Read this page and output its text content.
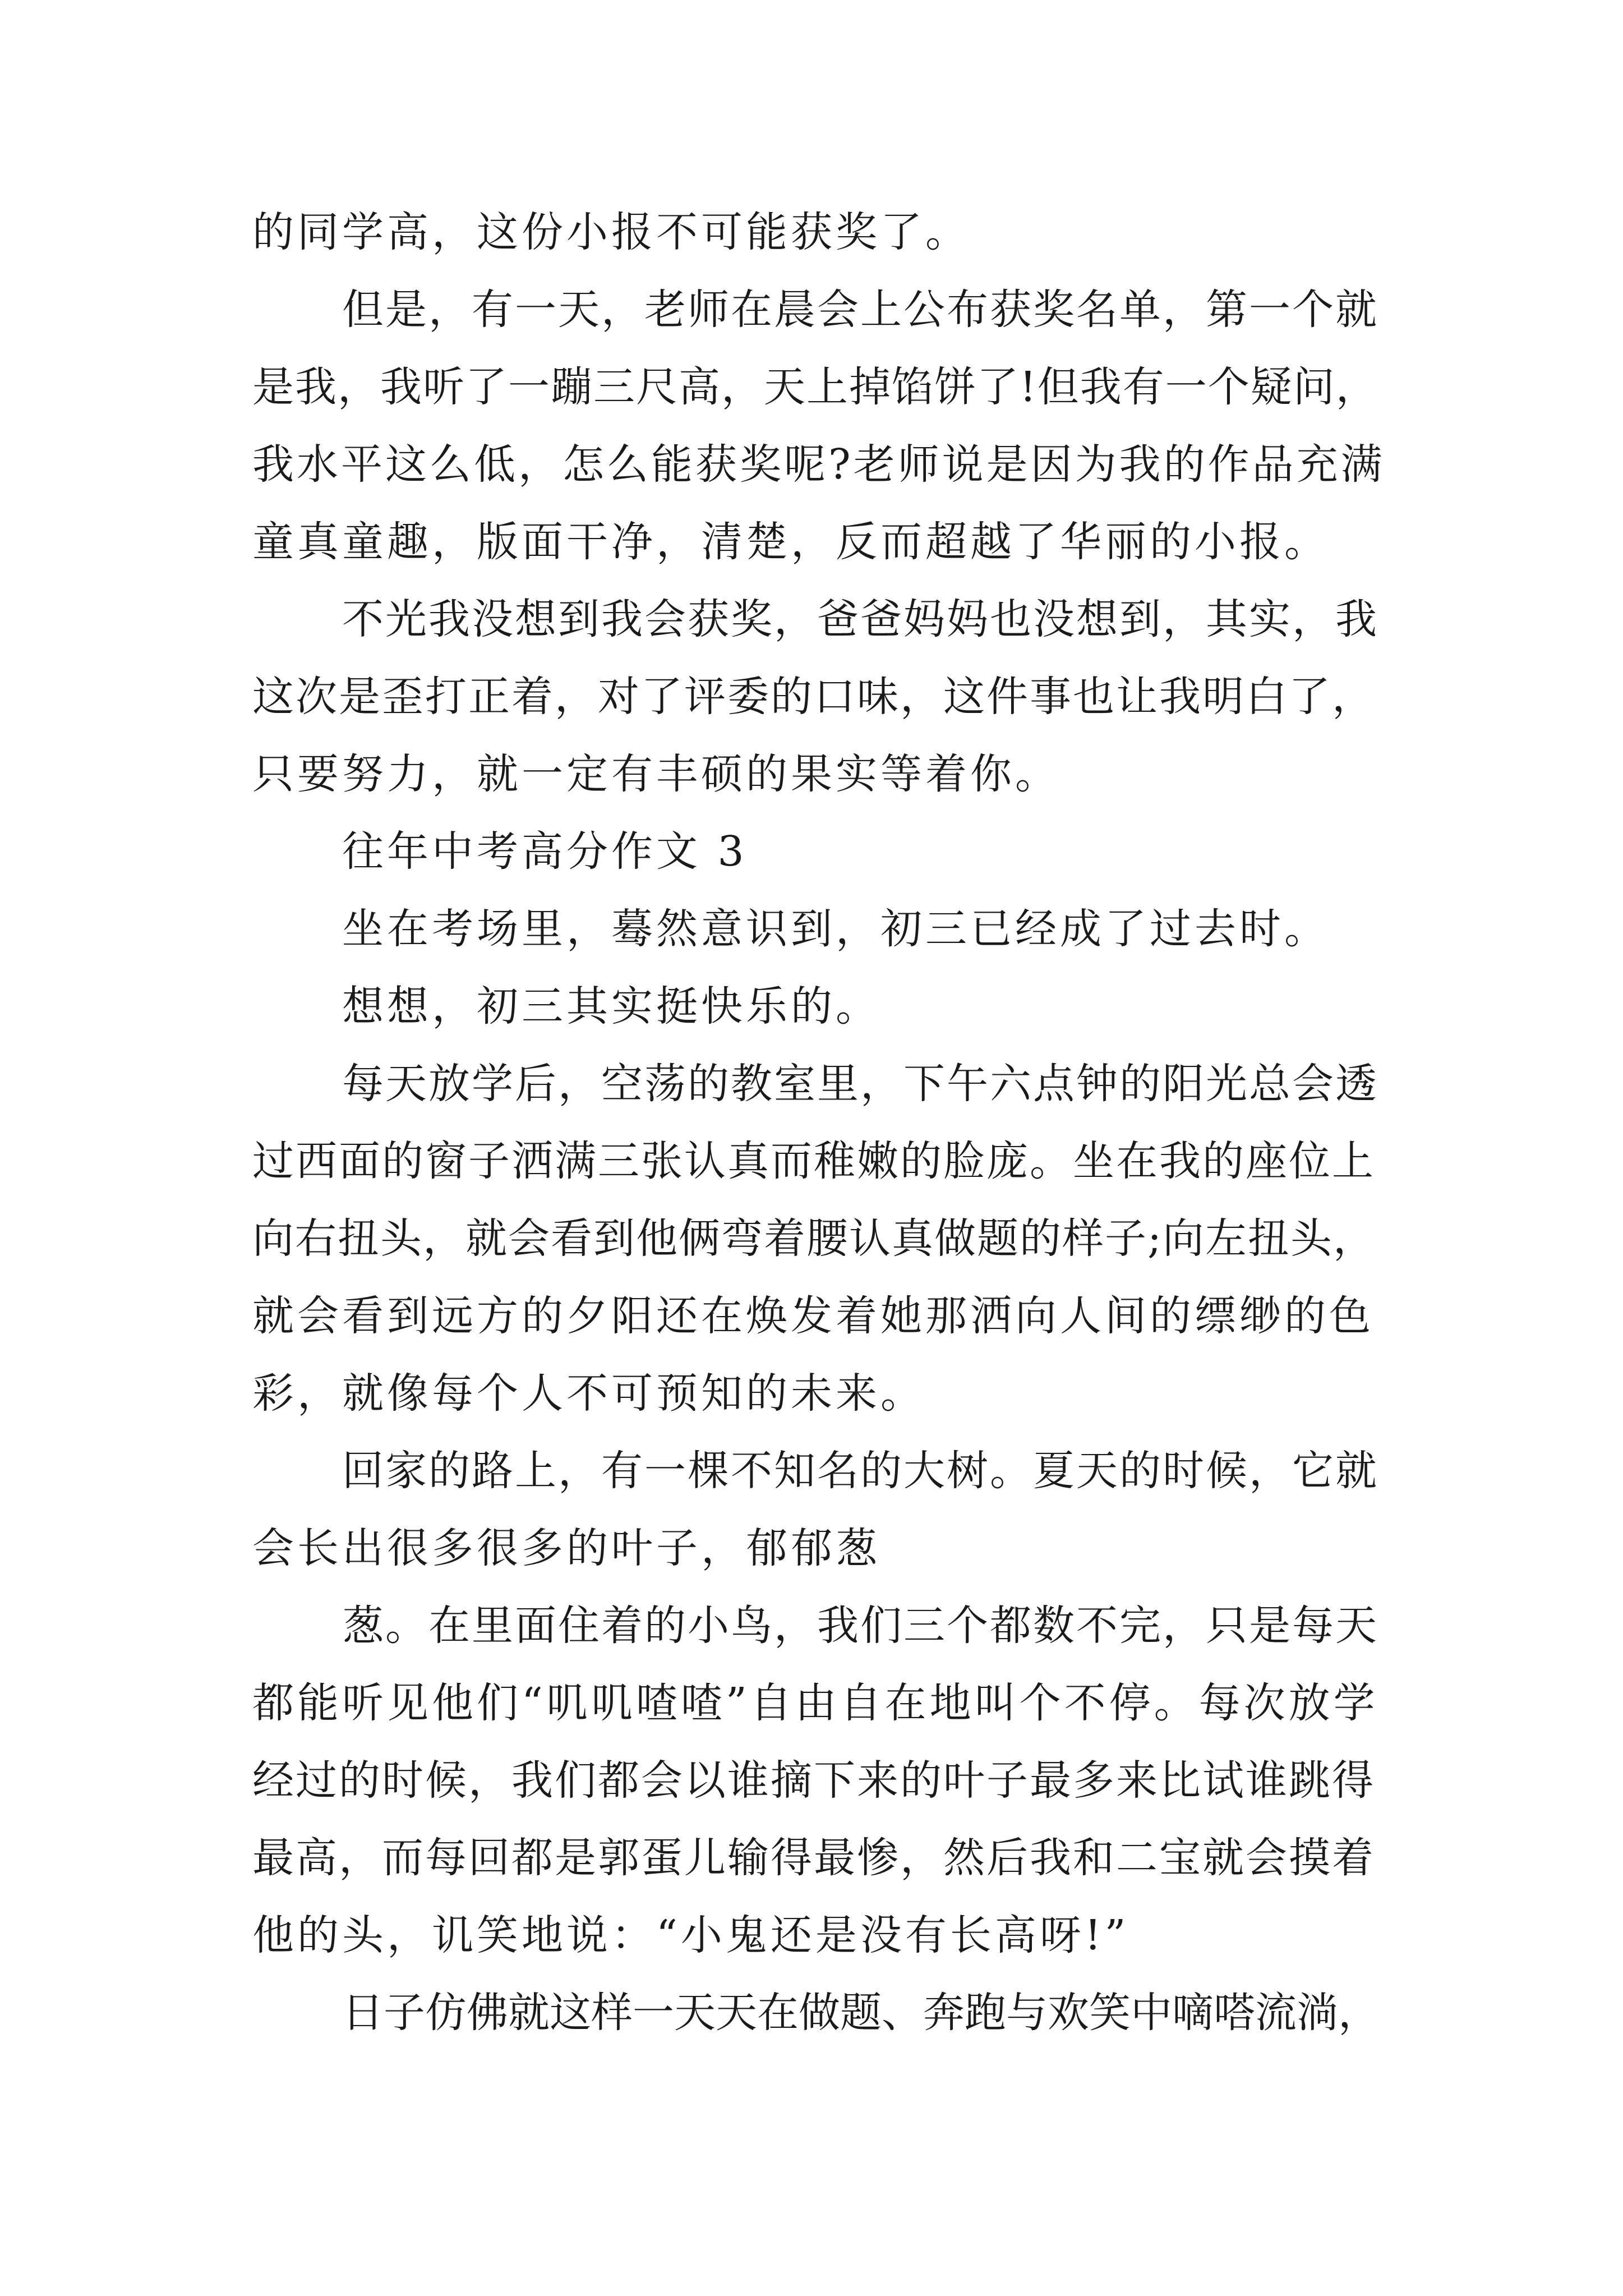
的同学高，这份小报不可能获奖了。
但是，有一天，老师在晨会上公布获奖名单，第一个就
是我，我听了一蹦三尺高，天上掉馅饼了!但我有一个疑问，
我水平这么低，怎么能获奖呢?老师说是因为我的作品充满
童真童趣，版面干净，清楚，反而超越了华丽的小报。
不光我没想到我会获奖，爸爸妈妈也没想到，其实，我
这次是歪打正着，对了评委的口味，这件事也让我明白了，
只要努力，就一定有丰硕的果实等着你。
往年中考高分作文 3
坐在考场里，蓦然意识到，初三已经成了过去时。
想想，初三其实挺快乐的。
每天放学后，空荡的教室里，下午六点钟的阳光总会透
过西面的窗子洒满三张认真而稚嫩的脸庞。坐在我的座位上
向右扭头，就会看到他俩弯着腰认真做题的样子;向左扭头，
就会看到远方的夕阳还在焕发着她那洒向人间的缥缈的色
彩，就像每个人不可预知的未来。
回家的路上，有一棵不知名的大树。夏天的时候，它就
会长出很多很多的叶子，郁郁葱
葱。在里面住着的小鸟，我们三个都数不完，只是每天
都能听见他们“叽叽喳喳”自由自在地叫个不停。每次放学
经过的时候，我们都会以谁摘下来的叶子最多来比试谁跳得
最高，而每回都是郭蛋儿输得最惨，然后我和二宝就会摸着
他的头，讥笑地说：“小鬼还是没有长高呀!”
日子仿佛就这样一天天在做题、奔跑与欢笑中嘀嗒流淌，
